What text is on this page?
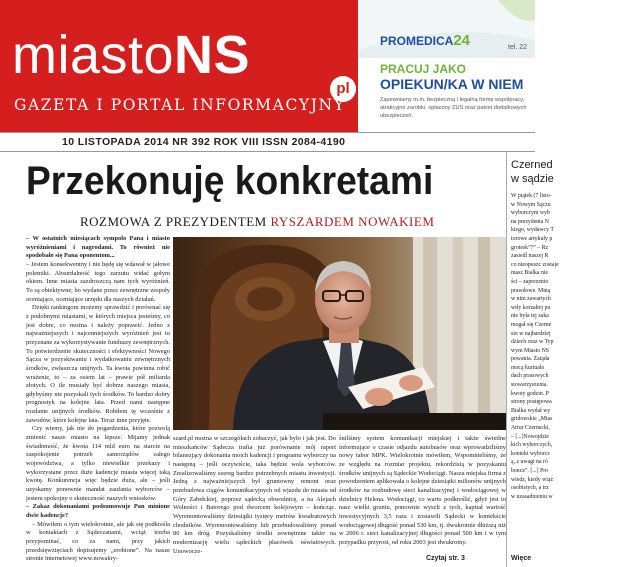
miastoNS
pl
GAZETA I PORTAL INFORMACYJNY
PROMEDICA24	tel. 22
PRACUJ JAKO
OPIEKUN/KA W NIEM
Zapewniamy m.in. bezpieczną i legalną formę współpracy, atrakcyjne zarobki, opłacony ZUS oraz pakiet dodatkowych ubezpieczeń.
10 LISTOPADA 2014 NR 392 ROK VIII ISSN 2084-4190
Przekonuję konkretami
ROZMOWA Z PREZYDENTEM RYSZARDEM NOWAKIEM

– W ostatnich miesiącach sympolo Pana i miasto wyróżnieniami i nagrodami. To również nie spodobało się Pana oponentom...

– Jestem konsekwentny i nie będę się wdawał w jałowe polemiki. Absurdalność tego zarzutu widać gołym okiem. Inne miasta zazdroszczą nam tych wyróżnień. To są obiektywne, bo wydane przez zewnętrzne zespoły oceniające, oceniające urzędu dla naszych działań.

Dzięki rankingom możemy sprawdzić i porównać się z podobnymi miastami, w których miejsca jesteśmy, co jest dobre, co można i należy poprawić. Jedno z najważniejszych i najcenniejszych wyróżnień jest to przyznane za wykorzystywanie funduszy zewnętrznych. To potwierdzenie skuteczności i efektywności Nowego Sącza w pozyskiwaniu i wydatkowaniu zewnętrznych środków, zwłaszcza unijnych. Ta kwota powinna robić wrażenie, to – za osiem lat – prawie pół miliarda złotych. O ile musiały być dobrze naszego miasta, gdybyśmy nie pozyskali tych środków. To bardzo dobry prognostyk na kolejne lata. Przed nami następne rozdanie unijnych środków. Robiłem tę wcześnie z zawodów, które kolejne lata. Teraz inne przyjęte.

Czy wiemy, jak nie do pogardzenia, które pozwolą zmienić nasze miasto na lepsze. Mijamy jednak świadomość, że kwota 114 mld euro na starcie na zaspokojenie potrzeb samorządów całego województwa, a tylko niewielkie przekazy i wykorzystane przez duże kadencje miasta więcej taką kwotę. Konkurencja więc będzie duża, ale – jeśli uzyskamy ponownie mandat zaufania wyborców – jestem spokojny o skuteczność naszych wniosków.

– Zakaz dokonaniami podsumowuje Pan minione dwie kadencje?

– Mówiłem o tym wielokrotnie, ale jak się podkreśla w kontaktach z Sądeczanami, wciąż trzeba przypominać, co za nami, przy jakich przedsięwzięciach dopisujemy „erobione”. Na nasze stronie internetowej www.nowakry-

szard.pl można w szczegółach zobaczyć, jak było i jak jest. Do mieszkańców Sądecza trafia już porównanie mój raport bilansujący dokonania moich kadencji i programu wyborczy na następną – jeśli oczywiście, taka będzie wola wyborców. Zrealizowaliśmy szereg bardzo potrzebnych miastu inwestycji. Jedną z najważniejszych był gruntowny remont oraz przebudowa ciągów komunikacyjnych od wjazdu do miasta od Góry Zabełckiej, poprzez sądecką obwodnicę, a na Alejach Wolności i Batorego pod dworcem kolejowym – kończąc. Wyremontowaliśmy dziesiątki tysięcy metrów kwadratowych chodników. Wyremontowaliśmy lub przebudowaliśmy ponad 80 km dróg. Pozyskaliśmy środki zewnętrzne także na modernizację wielu sądeckich placówek oświatowych. Unowocze-

śniliśmy system komunikacji miejskiej i także świetlne informujące o czasie odjazdu autobusów oraz wprowadziliśmy nowy tabor MPK. Wielokrotnie mówiłem, Wspomnieliśmy, że ze względu na rozmiar projektu, rekordzistą w pozyskaniu środków unijnych są Sądeckie Wodociągi. Nasza miejska firma z powodzeniem aplikowała o kolejne dziesiątki milionów unijnych środków na rozbudowę sieci kanalizacyjnej i wodociągowej w dzielnicy Helena. Wodociągi, co warto podkreślić, gdyż jest to nasz wielki gruntu, ponownie wyszli z tych, kapitał wartość inwestycyjnych 3,5 raza i zostawili Sądecki w kontekście wodociągowej długość ponad 530 km, tj. dwukrotnie dłuższą niż w 2006 r. sieci kanalizacyjnej długości ponad 500 km i w tym przypadku przyrost, od roku 2003 jest dwukrotny.

Czytaj str. 3
Czerned
w sądzie
W piątek (7 listo-
w Nowym Sączu
wyborczym wyb
na prezydenta N
kiego, wydawcy T
torowe artykuły p
grotesk”?” – Rz
zasiedl naszej R
co nieopuszc zostaje
masz Bialka nie
ści – zaprezento
prawdowe. Miną
w nim zawartych
wiły korzałtej pu
nie była tej zaka
mogał się Czerne
sin w najbardziej
dziech oraz w Typ
wym Miasto NS
powania. Zatąda
mocą kurtualo
dach prasowych
stowarzyszenia.
kwoty godzin. P
strony postępowa
Bialka wydał wy
gridowskie „Mias
Artur Czernecki,
– [...]Nowojdzie
kich wyborczych,
kontekt wyborcz
ą, z uwagi na ró
boncz”. [...] Pro
wiedz, kiedy wiąż
osobistych, a trz
w uzasadnieniu w
Więce
